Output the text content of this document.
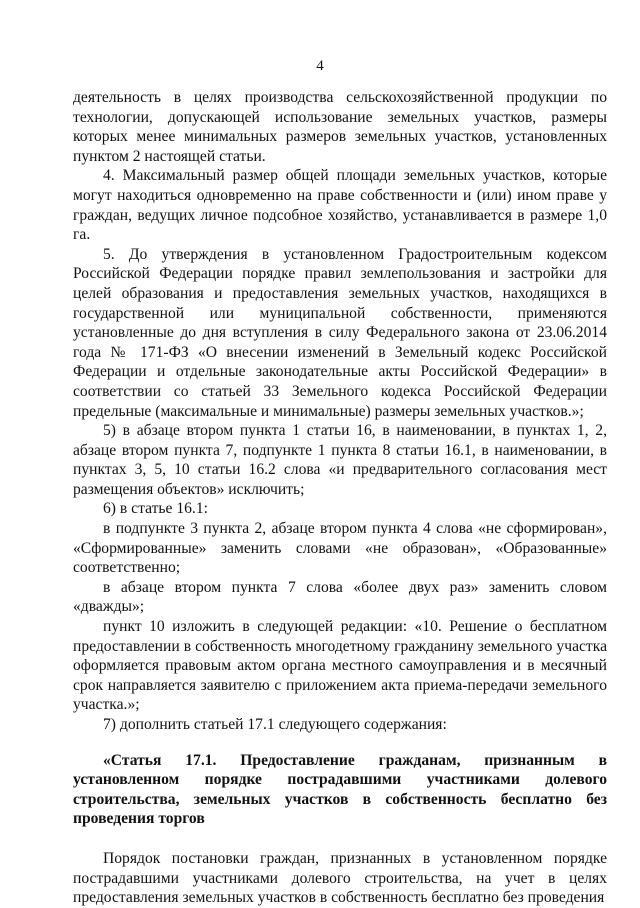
4

деятельность в целях производства сельскохозяйственной продукции по технологии, допускающей использование земельных участков, размеры которых менее минимальных размеров земельных участков, установленных пунктом 2 настоящей статьи.

4. Максимальный размер общей площади земельных участков, которые могут находиться одновременно на праве собственности и (или) ином праве у граждан, ведущих личное подсобное хозяйство, устанавливается в размере 1,0 га.

5. До утверждения в установленном Градостроительным кодексом Российской Федерации порядке правил землепользования и застройки для целей образования и предоставления земельных участков, находящихся в государственной или муниципальной собственности, применяются установленные до дня вступления в силу Федерального закона от 23.06.2014 года № 171-ФЗ «О внесении изменений в Земельный кодекс Российской Федерации и отдельные законодательные акты Российской Федерации» в соответствии со статьей 33 Земельного кодекса Российской Федерации предельные (максимальные и минимальные) размеры земельных участков.»;

5) в абзаце втором пункта 1 статьи 16, в наименовании, в пунктах 1, 2, абзаце втором пункта 7, подпункте 1 пункта 8 статьи 16.1, в наименовании, в пунктах 3, 5, 10 статьи 16.2 слова «и предварительного согласования мест размещения объектов» исключить;

6) в статье 16.1:

в подпункте 3 пункта 2, абзаце втором пункта 4 слова «не сформирован», «Сформированные» заменить словами «не образован», «Образованные» соответственно;

в абзаце втором пункта 7 слова «более двух раз» заменить словом «дважды»;

пункт 10 изложить в следующей редакции: «10. Решение о бесплатном предоставлении в собственность многодетному гражданину земельного участка оформляется правовым актом органа местного самоуправления и в месячный срок направляется заявителю с приложением акта приема-передачи земельного участка.»;

7) дополнить статьей 17.1 следующего содержания:

«Статья 17.1. Предоставление гражданам, признанным в установленном порядке пострадавшими участниками долевого строительства, земельных участков в собственность бесплатно без проведения торгов

Порядок постановки граждан, признанных в установленном порядке пострадавшими участниками долевого строительства, на учет в целях предоставления земельных участков в собственность бесплатно без проведения
